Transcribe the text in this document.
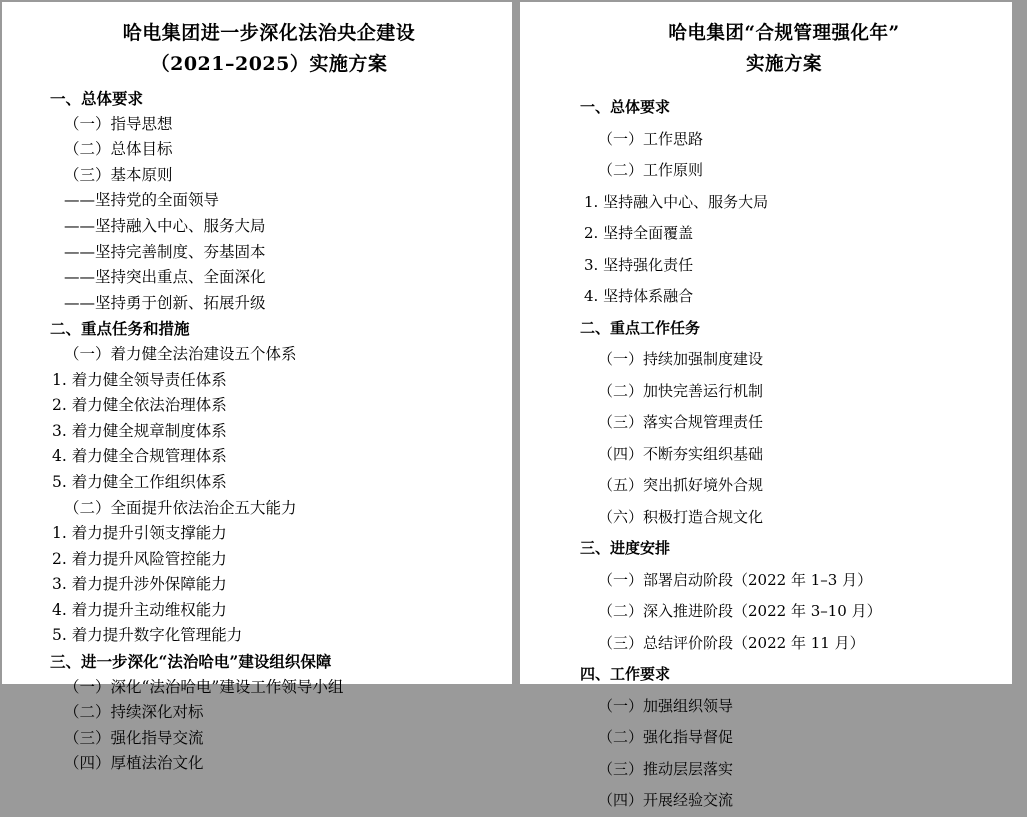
哈电集团进一步深化法治央企建设
（2021–2025）实施方案
一、总体要求
（一）指导思想
（二）总体目标
（三）基本原则
——坚持党的全面领导
——坚持融入中心、服务大局
——坚持完善制度、夯基固本
——坚持突出重点、全面深化
——坚持勇于创新、拓展升级
二、重点任务和措施
（一）着力健全法治建设五个体系
1. 着力健全领导责任体系
2. 着力健全依法治理体系
3. 着力健全规章制度体系
4. 着力健全合规管理体系
5. 着力健全工作组织体系
（二）全面提升依法治企五大能力
1. 着力提升引领支撑能力
2. 着力提升风险管控能力
3. 着力提升涉外保障能力
4. 着力提升主动维权能力
5. 着力提升数字化管理能力
三、进一步深化“法治哈电”建设组织保障
（一）深化“法治哈电”建设工作领导小组
（二）持续深化对标
（三）强化指导交流
（四）厚植法治文化
哈电集团“合规管理强化年”
实施方案
一、总体要求
（一）工作思路
（二）工作原则
1. 坚持融入中心、服务大局
2. 坚持全面覆盖
3. 坚持强化责任
4. 坚持体系融合
二、重点工作任务
（一）持续加强制度建设
（二）加快完善运行机制
（三）落实合规管理责任
（四）不断夯实组织基础
（五）突出抓好境外合规
（六）积极打造合规文化
三、进度安排
（一）部署启动阶段（2022 年 1–3 月）
（二）深入推进阶段（2022 年 3–10 月）
（三）总结评价阶段（2022 年 11 月）
四、工作要求
（一）加强组织领导
（二）强化指导督促
（三）推动层层落实
（四）开展经验交流
